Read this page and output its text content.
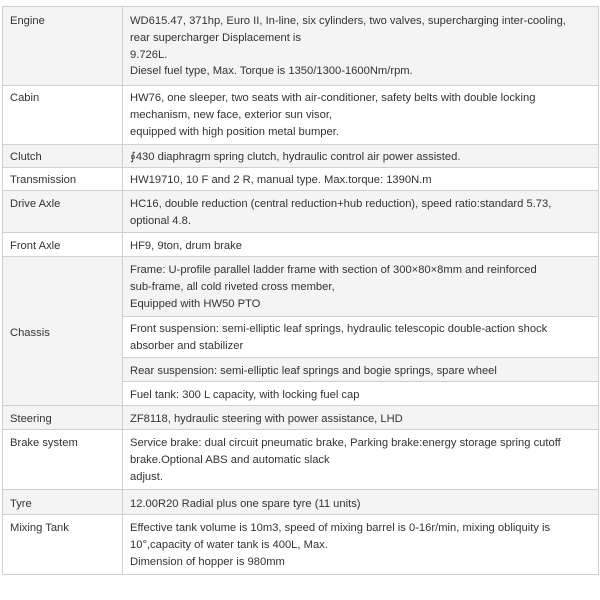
Engine	WD615.47, 371hp, Euro II, In-line, six cylinders, two valves, supercharging inter-cooling,
rear supercharger Displacement is
9.726L.
Diesel fuel type, Max. Torque is 1350/1300-1600Nm/rpm.

Cabin	HW76, one sleeper, two seats with air-conditioner, safety belts with double locking
mechanism, new face, exterior sun visor,
equipped with high position metal bumper.

Clutch	∮430 diaphragm spring clutch, hydraulic control air power assisted.

Transmission	HW19710, 10 F and 2 R, manual type. Max.torque: 1390N.m

Drive Axle	HC16, double reduction (central reduction+hub reduction), speed ratio:standard 5.73,
optional 4.8.

Front Axle	HF9, 9ton, drum brake

Chassis	Frame: U-profile parallel ladder frame with section of 300×80×8mm and reinforced
sub-frame, all cold riveted cross member,
Equipped with HW50 PTO

	Front suspension: semi-elliptic leaf springs, hydraulic telescopic double-action shock
absorber and stabilizer

	Rear suspension: semi-elliptic leaf springs and bogie springs, spare wheel

	Fuel tank: 300 L capacity, with locking fuel cap

Steering	ZF8118, hydraulic steering with power assistance, LHD

Brake system	Service brake: dual circuit pneumatic brake, Parking brake:energy storage spring cutoff
brake.Optional ABS and automatic slack
adjust.

Tyre	12.00R20 Radial plus one spare tyre (11 units)

Mixing Tank	Effective tank volume is 10m3, speed of mixing barrel is 0-16r/min, mixing obliquity is
10°,capacity of water tank is 400L, Max.
Dimension of hopper is 980mm
